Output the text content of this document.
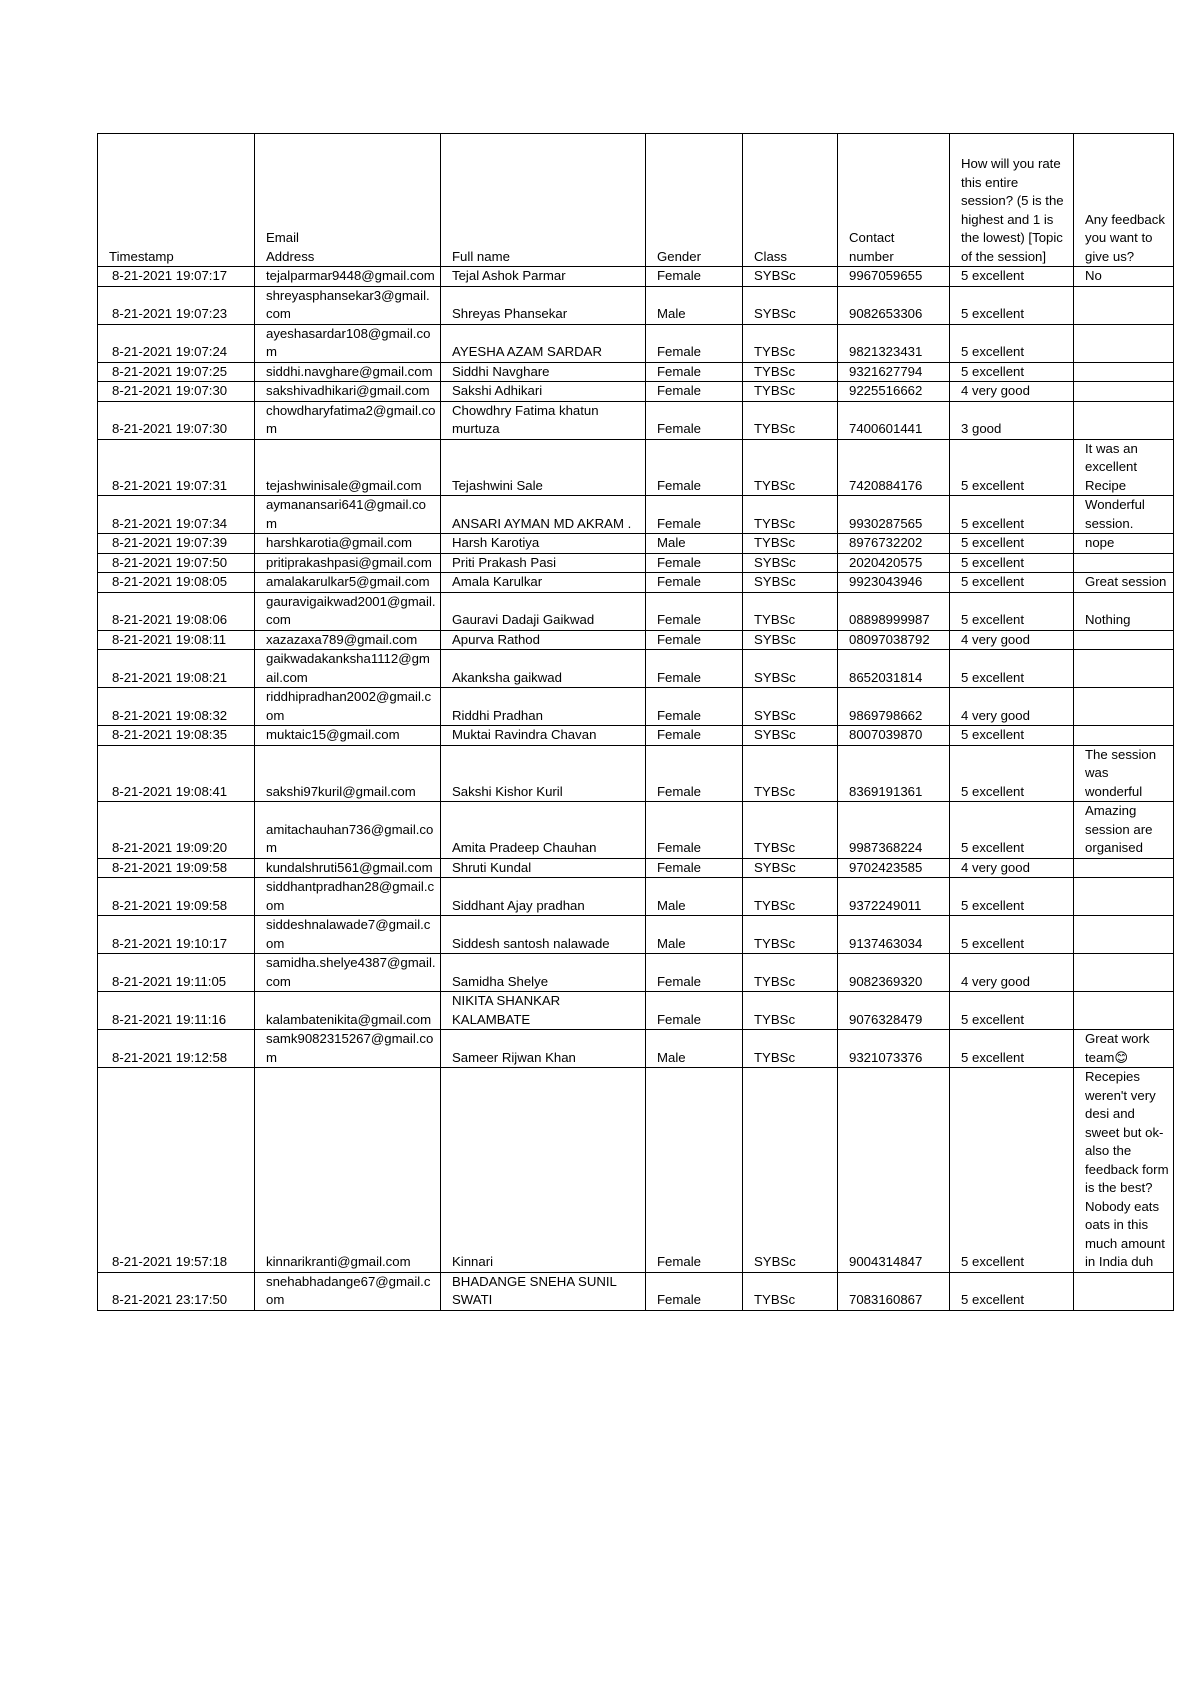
Timestamp	Email Address	Full name	Gender	Class	Contact number	How will you rate this entire session? (5 is the highest and 1 is the lowest) [Topic of the session]	Any feedback you want to give us?
8-21-2021 19:07:17	tejalparmar9448@gmail.com	Tejal Ashok Parmar	Female	SYBSc	9967059655	5 excellent	No
8-21-2021 19:07:23	shreyasphansekar3@gmail.com	Shreyas Phansekar	Male	SYBSc	9082653306	5 excellent	
8-21-2021 19:07:24	ayeshasardar108@gmail.com	AYESHA AZAM SARDAR	Female	TYBSc	9821323431	5 excellent	
8-21-2021 19:07:25	siddhi.navghare@gmail.com	Siddhi Navghare	Female	TYBSc	9321627794	5 excellent	
8-21-2021 19:07:30	sakshivadhikari@gmail.com	Sakshi Adhikari	Female	TYBSc	9225516662	4 very good	
8-21-2021 19:07:30	chowdharyfatima2@gmail.com	Chowdhry Fatima khatun murtuza	Female	TYBSc	7400601441	3 good	
8-21-2021 19:07:31	tejashwinisale@gmail.com	Tejashwini Sale	Female	TYBSc	7420884176	5 excellent	It was an excellent Recipe
8-21-2021 19:07:34	aymanansari641@gmail.com	ANSARI AYMAN MD AKRAM .	Female	TYBSc	9930287565	5 excellent	Wonderful session.
8-21-2021 19:07:39	harshkarotia@gmail.com	Harsh Karotiya	Male	TYBSc	8976732202	5 excellent	nope
8-21-2021 19:07:50	pritiprakashpasi@gmail.com	Priti Prakash Pasi	Female	SYBSc	2020420575	5 excellent	
8-21-2021 19:08:05	amalakarulkar5@gmail.com	Amala Karulkar	Female	SYBSc	9923043946	5 excellent	Great session
8-21-2021 19:08:06	gauravigaikwad2001@gmail.com	Gauravi Dadaji Gaikwad	Female	TYBSc	08898999987	5 excellent	Nothing
8-21-2021 19:08:11	xazazaxa789@gmail.com	Apurva Rathod	Female	SYBSc	08097038792	4 very good	
8-21-2021 19:08:21	gaikwadakanksha1112@gmail.com	Akanksha gaikwad	Female	SYBSc	8652031814	5 excellent	
8-21-2021 19:08:32	riddhipradhan2002@gmail.com	Riddhi Pradhan	Female	SYBSc	9869798662	4 very good	
8-21-2021 19:08:35	muktaic15@gmail.com	Muktai Ravindra Chavan	Female	SYBSc	8007039870	5 excellent	
8-21-2021 19:08:41	sakshi97kuril@gmail.com	Sakshi Kishor Kuril	Female	TYBSc	8369191361	5 excellent	The session was wonderful
8-21-2021 19:09:20	amitachauhan736@gmail.com	Amita Pradeep Chauhan	Female	TYBSc	9987368224	5 excellent	Amazing session are organised
8-21-2021 19:09:58	kundalshruti561@gmail.com	Shruti Kundal	Female	SYBSc	9702423585	4 very good	
8-21-2021 19:09:58	siddhantpradhan28@gmail.com	Siddhant Ajay pradhan	Male	TYBSc	9372249011	5 excellent	
8-21-2021 19:10:17	siddeshnalawade7@gmail.com	Siddesh santosh nalawade	Male	TYBSc	9137463034	5 excellent	
8-21-2021 19:11:05	samidha.shelye4387@gmail.com	Samidha Shelye	Female	TYBSc	9082369320	4 very good	
8-21-2021 19:11:16	kalambatenikita@gmail.com	NIKITA SHANKAR KALAMBATE	Female	TYBSc	9076328479	5 excellent	
8-21-2021 19:12:58	samk9082315267@gmail.com	Sameer Rijwan Khan	Male	TYBSc	9321073376	5 excellent	Great work team😊
8-21-2021 19:57:18	kinnarikranti@gmail.com	Kinnari	Female	SYBSc	9004314847	5 excellent	Recepies weren't very desi and sweet but ok- also the feedback form is the best? Nobody eats oats in this much amount in India duh
8-21-2021 23:17:50	snehabhadange67@gmail.com	BHADANGE SNEHA SUNIL SWATI	Female	TYBSc	7083160867	5 excellent	
